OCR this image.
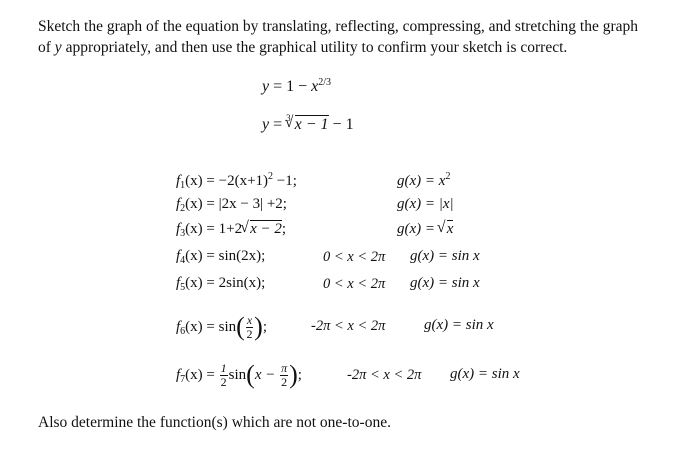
Sketch the graph of the equation by translating, reflecting, compressing, and stretching the graph
of y appropriately, and then use the graphical utility to confirm your sketch is correct.
$y = 1 - x^{2/3}$
y = $^3$√ x − 1 − 1
$f_1(x) = -2(x+1)^2 -1$;	$g(x) = x^2$
$f_2(x) = |2x - 3| +2$;	g(x) = |x|
$f_3(x) = 1+2√$ x − 2;	g(x) = √ x
$f_4(x) = \sin(2x)$;	0 < x < 2π g(x) = sin x
$f_5(x) = 2\sin(x)$;	0 < x < 2π g(x) = sin x
$f_6(x) = \sin( \frac{x}{2}$ );	-2π < x < 2π	g(x) = sin x
$f_7(x) = \frac{1}{2} \sin(x - \frac{\pi}{2}$ );	-2π < x < 2π g(x) = sin x
Also determine the function(s) which are not one-to-one.
